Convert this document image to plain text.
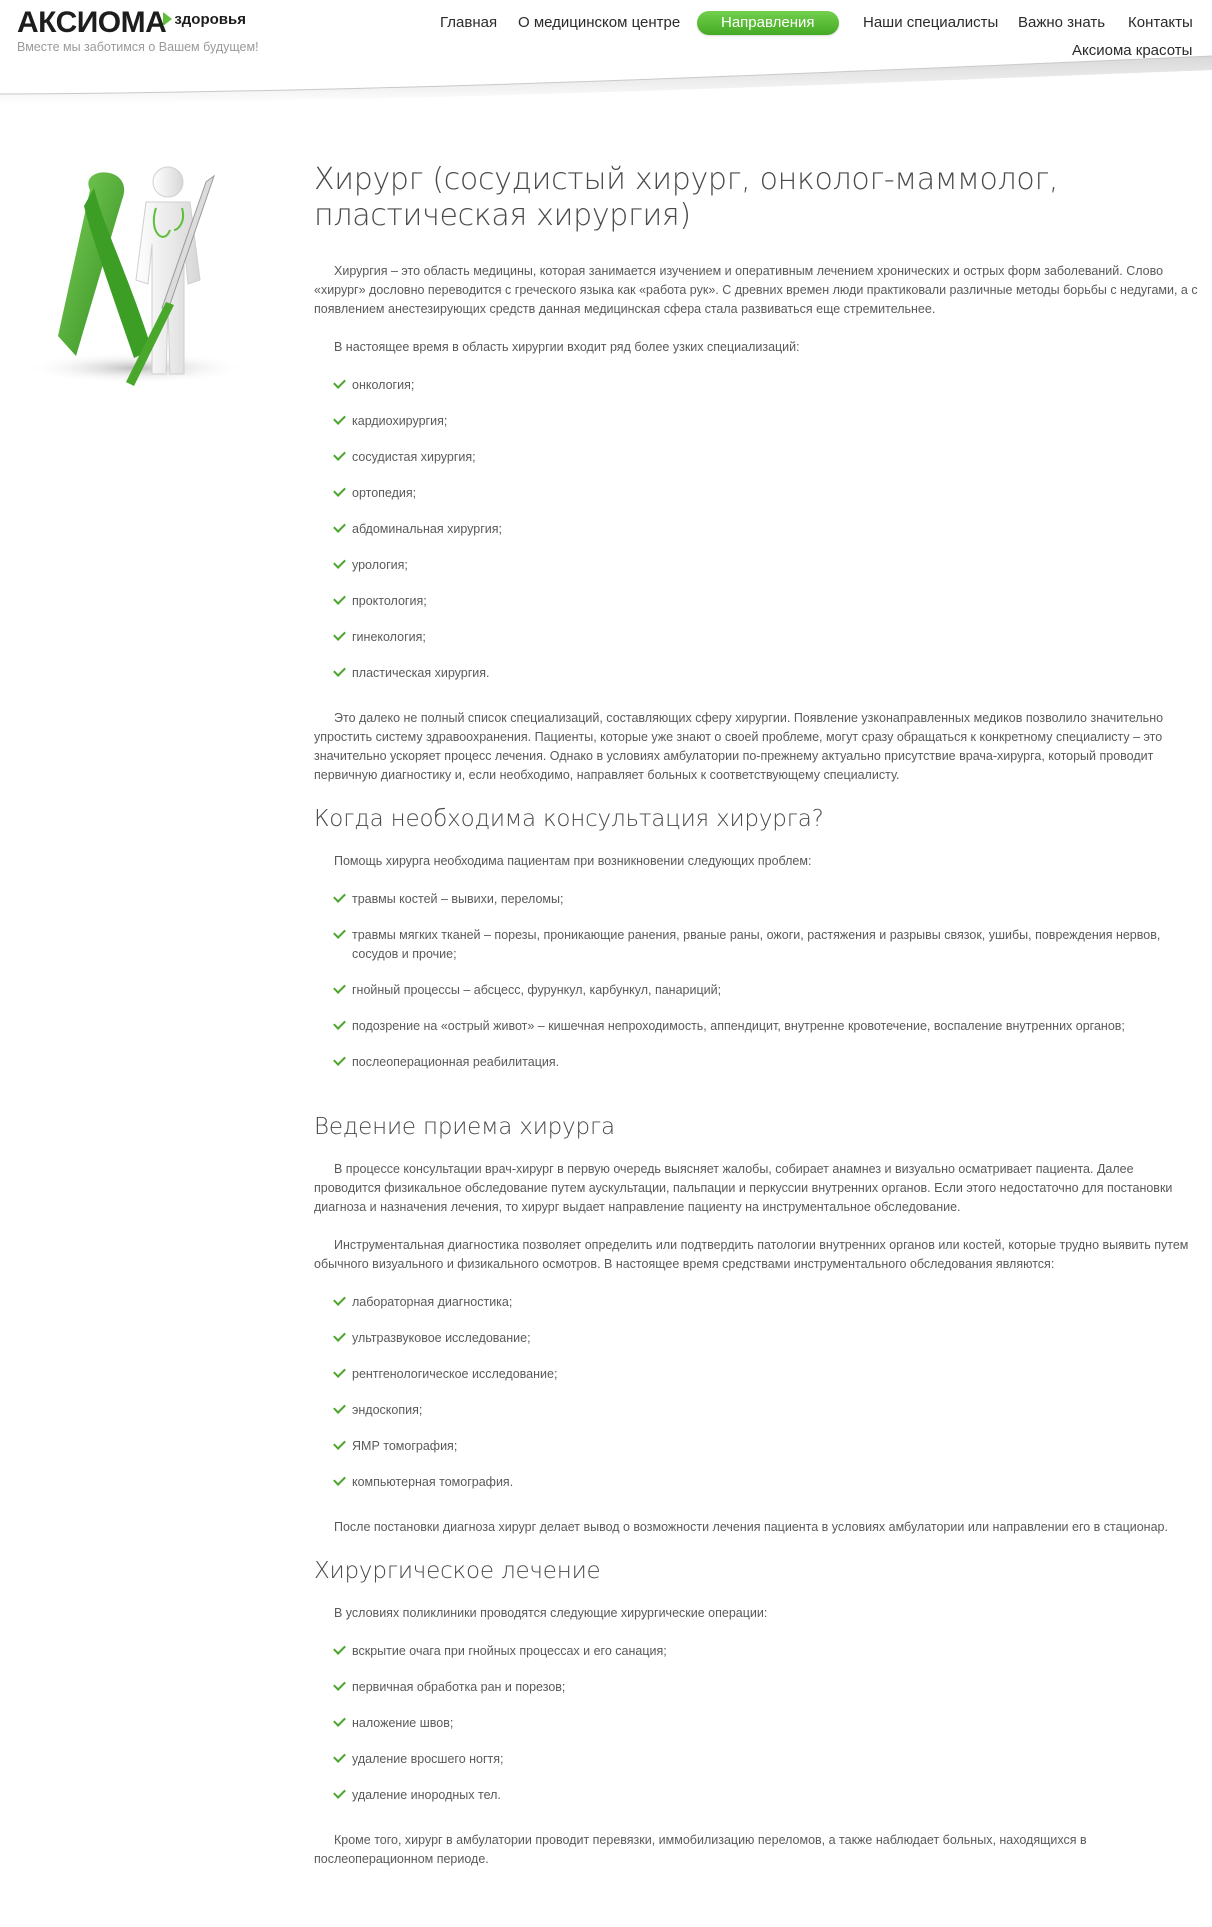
АКСИОМА здоровья
Вместе мы заботимся о Вашем будущем!
Главная О медицинском центре	Направления	Наши специалисты Важно знать Контакты
Аксиома красоты
Хирург (сосудистый хирург, онколог-маммолог, пластическая хирургия)

Хирургия – это область медицины, которая занимается изучением и оперативным лечением хронических и острых форм заболеваний. Слово «хирург» дословно переводится с греческого языка как «работа рук». С древних времен люди практиковали различные методы борьбы с недугами, а с появлением анестезирующих средств данная медицинская сфера стала развиваться еще стремительнее.

В настоящее время в область хирургии входит ряд более узких специализаций:

онкология;
кардиохирургия;
сосудистая хирургия;
ортопедия;
абдоминальная хирургия;
урология;
проктология;
гинекология;
пластическая хирургия.

Это далеко не полный список специализаций, составляющих сферу хирургии. Появление узконаправленных медиков позволило значительно упростить систему здравоохранения. Пациенты, которые уже знают о своей проблеме, могут сразу обращаться к конкретному специалисту – это значительно ускоряет процесс лечения. Однако в условиях амбулатории по-прежнему актуально присутствие врача-хирурга, который проводит первичную диагностику и, если необходимо, направляет больных к соответствующему специалисту.

Когда необходима консультация хирурга?

Помощь хирурга необходима пациентам при возникновении следующих проблем:

травмы костей – вывихи, переломы;
травмы мягких тканей – порезы, проникающие ранения, рваные раны, ожоги, растяжения и разрывы связок, ушибы, повреждения нервов, сосудов и прочие;
гнойный процессы – абсцесс, фурункул, карбункул, панариций;
подозрение на «острый живот» – кишечная непроходимость, аппендицит, внутренне кровотечение, воспаление внутренних органов;
послеоперационная реабилитация.
Ведение приема хирурга

В процессе консультации врач-хирург в первую очередь выясняет жалобы, собирает анамнез и визуально осматривает пациента. Далее проводится физикальное обследование путем аускультации, пальпации и перкуссии внутренних органов. Если этого недостаточно для постановки диагноза и назначения лечения, то хирург выдает направление пациенту на инструментальное обследование.

Инструментальная диагностика позволяет определить или подтвердить патологии внутренних органов или костей, которые трудно выявить путем обычного визуального и физикального осмотров. В настоящее время средствами инструментального обследования являются:

лабораторная диагностика;
ультразвуковое исследование;
рентгенологическое исследование;
эндоскопия;
ЯМР томография;
компьютерная томография.

После постановки диагноза хирург делает вывод о возможности лечения пациента в условиях амбулатории или направлении его в стационар.

Хирургическое лечение

В условиях поликлиники проводятся следующие хирургические операции:

вскрытие очага при гнойных процессах и его санация;
первичная обработка ран и порезов;
наложение швов;
удаление вросшего ногтя;
удаление инородных тел.

Кроме того, хирург в амбулатории проводит перевязки, иммобилизацию переломов, а также наблюдает больных, находящихся в послеоперационном периоде.
